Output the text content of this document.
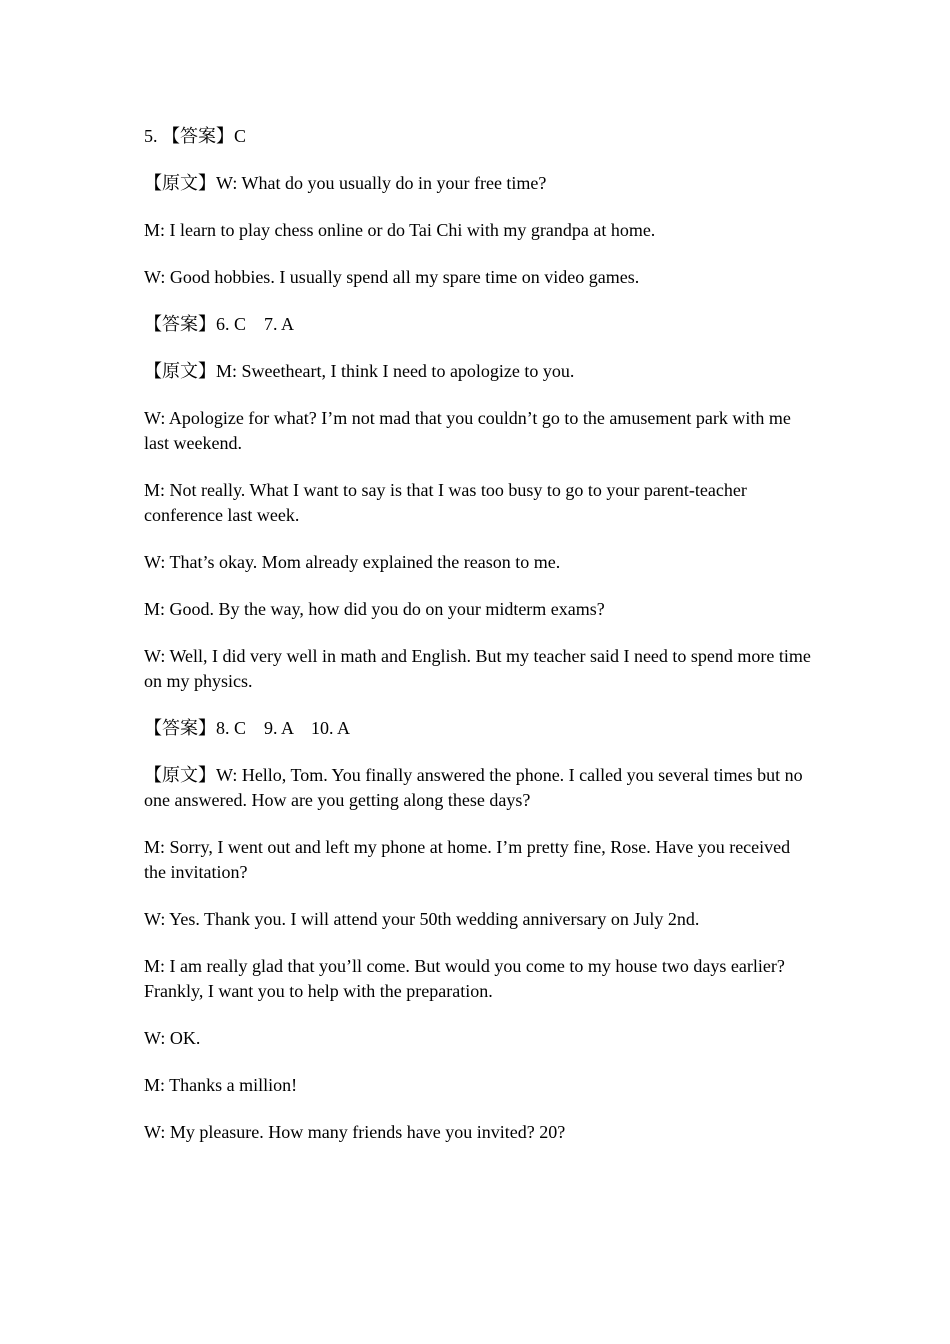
5. 【答案】C

【原文】W: What do you usually do in your free time?

M: I learn to play chess online or do Tai Chi with my grandpa at home.

W: Good hobbies. I usually spend all my spare time on video games.

【答案】6. C    7. A

【原文】M: Sweetheart, I think I need to apologize to you.

W: Apologize for what? I’m not mad that you couldn’t go to the amusement park with me last weekend.

M: Not really. What I want to say is that I was too busy to go to your parent-teacher conference last week.

W: That’s okay. Mom already explained the reason to me.

M: Good. By the way, how did you do on your midterm exams?

W: Well, I did very well in math and English. But my teacher said I need to spend more time on my physics.

【答案】8. C    9. A    10. A

【原文】W: Hello, Tom. You finally answered the phone. I called you several times but no one answered. How are you getting along these days?

M: Sorry, I went out and left my phone at home. I’m pretty fine, Rose. Have you received the invitation?

W: Yes. Thank you. I will attend your 50th wedding anniversary on July 2nd.

M: I am really glad that you’ll come. But would you come to my house two days earlier? Frankly, I want you to help with the preparation.

W: OK.

M: Thanks a million!

W: My pleasure. How many friends have you invited? 20?
